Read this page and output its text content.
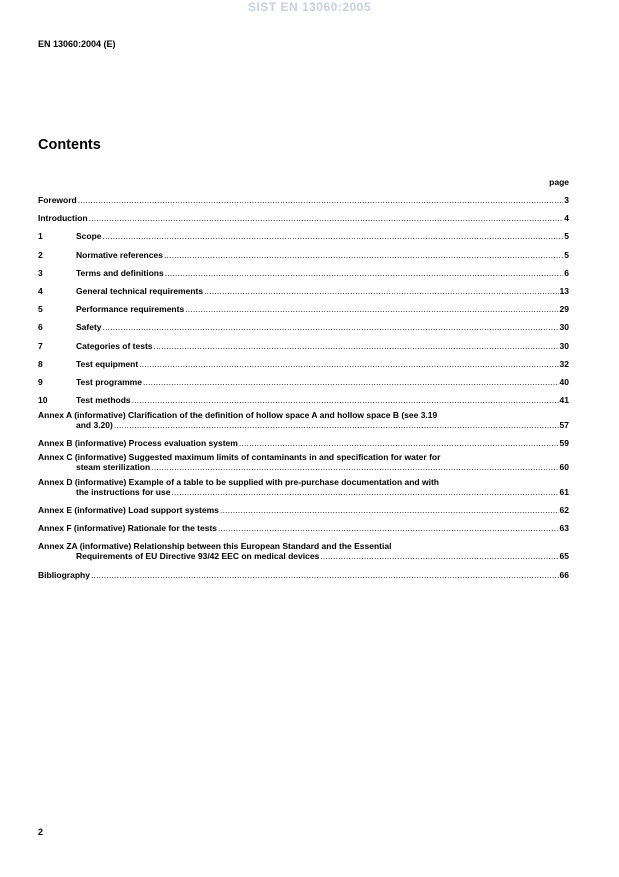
SIST EN 13060:2005
EN 13060:2004 (E)
Contents
page
Foreword .....	3
Introduction .....	4
1	Scope .....	5
2	Normative references .....	5
3	Terms and definitions .....	6
4	General technical requirements .....	13
5	Performance requirements .....	29
6	Safety .....	30
7	Categories of tests .....	30
8	Test equipment .....	32
9	Test programme .....	40
10	Test methods .....	41
Annex A (informative) Clarification of the definition of hollow space A and hollow space B (see 3.19
and 3.20) .....	57
Annex B (informative) Process evaluation system .....	59
Annex C (informative) Suggested maximum limits of contaminants in and specification for water for
steam sterilization .....	60
Annex D (informative) Example of a table to be supplied with pre-purchase documentation and with
the instructions for use .....	61
Annex E (informative) Load support systems .....	62
Annex F (informative) Rationale for the tests .....	63
Annex ZA (informative) Relationship between this European Standard and the Essential
Requirements of EU Directive 93/42 EEC on medical devices .....	65
Bibliography .....	66
2
